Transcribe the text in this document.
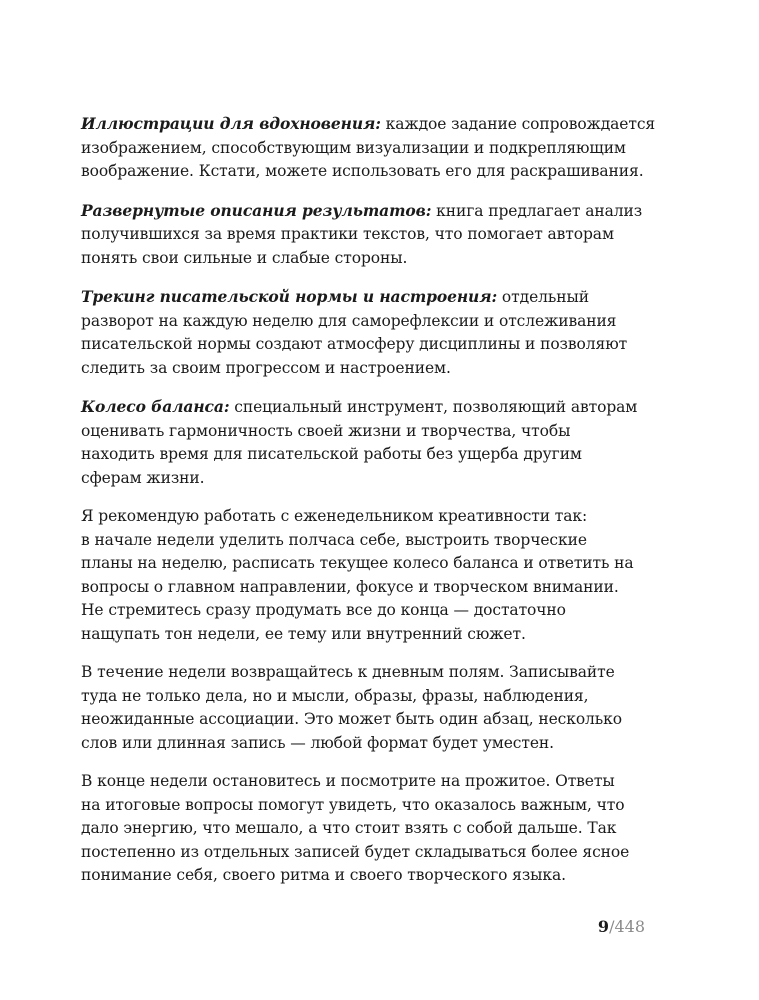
Иллюстрации для вдохновения: каждое задание сопровождается
изображением, способствующим визуализации и подкрепляющим
воображение. Кстати, можете использовать его для раскрашивания.

Развернутые описания результатов: книга предлагает анализ
получившихся за время практики текстов, что помогает авторам
понять свои сильные и слабые стороны.

Трекинг писательской нормы и настроения: отдельный
разворот на каждую неделю для саморефлексии и отслеживания
писательской нормы создают атмосферу дисциплины и позволяют
следить за своим прогрессом и настроением.

Колесо баланса: специальный инструмент, позволяющий авторам
оценивать гармоничность своей жизни и творчества, чтобы
находить время для писательской работы без ущерба другим
сферам жизни.

Я рекомендую работать с еженедельником креативности так:
в начале недели уделить полчаса себе, выстроить творческие
планы на неделю, расписать текущее колесо баланса и ответить на
вопросы о главном направлении, фокусе и творческом внимании.
Не стремитесь сразу продумать все до конца — достаточно
нащупать тон недели, ее тему или внутренний сюжет.

В течение недели возвращайтесь к дневным полям. Записывайте
туда не только дела, но и мысли, образы, фразы, наблюдения,
неожиданные ассоциации. Это может быть один абзац, несколько
слов или длинная запись — любой формат будет уместен.

В конце недели остановитесь и посмотрите на прожитое. Ответы
на итоговые вопросы помогут увидеть, что оказалось важным, что
дало энергию, что мешало, а что стоит взять с собой дальше. Так
постепенно из отдельных записей будет складываться более ясное
понимание себя, своего ритма и своего творческого языка.

9/448
